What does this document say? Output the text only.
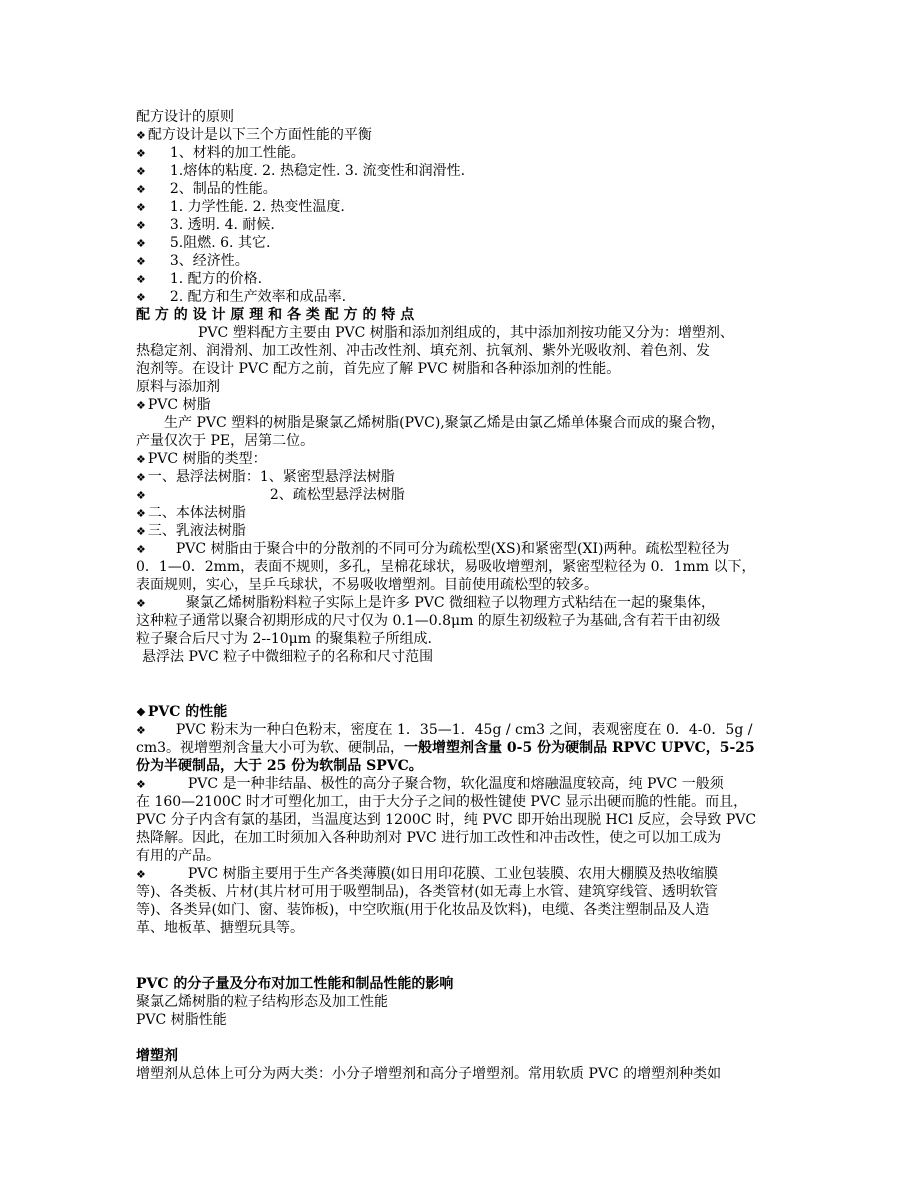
配方设计的原则
❖ 配方设计是以下三个方面性能的平衡
❖ 1、材料的加工性能。
❖ 1.熔体的粘度. 2. 热稳定性. 3. 流变性和润滑性.
❖ 2、制品的性能。
❖ 1. 力学性能. 2. 热变性温度.
❖ 3. 透明. 4. 耐候.
❖ 5.阻燃. 6. 其它.
❖ 3、经济性。
❖ 1. 配方的价格.
❖ 2. 配方和生产效率和成品率.
配 方 的 设 计 原 理 和 各 类 配 方 的 特 点
PVC 塑料配方主要由 PVC 树脂和添加剂组成的，其中添加剂按功能又分为：增塑剂、
热稳定剂、润滑剂、加工改性剂、冲击改性剂、填充剂、抗氧剂、紫外光吸收剂、着色剂、发
泡剂等。在设计 PVC 配方之前，首先应了解 PVC 树脂和各种添加剂的性能。
原料与添加剂
❖ PVC 树脂
生产 PVC 塑料的树脂是聚氯乙烯树脂(PVC),聚氯乙烯是由氯乙烯单体聚合而成的聚合物，
产量仅次于 PE，居第二位。
❖ PVC 树脂的类型：
❖ 一、悬浮法树脂：1、紧密型悬浮法树脂
❖	2、疏松型悬浮法树脂
❖ 二、本体法树脂
❖ 三、乳液法树脂
❖ PVC 树脂由于聚合中的分散剂的不同可分为疏松型(XS)和紧密型(XI)两种。疏松型粒径为
0．1—0．2mm，表面不规则，多孔，呈棉花球状，易吸收增塑剂，紧密型粒径为 0．1mm 以下，
表面规则，实心，呈乒乓球状，不易吸收增塑剂。目前使用疏松型的较多。
❖	聚氯乙烯树脂粉料粒子实际上是许多 PVC 微细粒子以物理方式粘结在一起的聚集体，
这种粒子通常以聚合初期形成的尺寸仅为 0.1—0.8μm 的原生初级粒子为基础,含有若干由初级
粒子聚合后尺寸为 2--10μm 的聚集粒子所组成.
悬浮法 PVC 粒子中微细粒子的名称和尺寸范围
❖ PVC 的性能
❖ PVC 粉末为一种白色粉末，密度在 1．35—1．45g / cm3 之间，表观密度在 0．4-0．5g /
cm3。视增塑剂含量大小可为软、硬制品，一般增塑剂含量 0-5 份为硬制品 RPVC UPVC，5-25
份为半硬制品，大于 25 份为软制品 SPVC。
❖	PVC 是一种非结晶、极性的高分子聚合物，软化温度和熔融温度较高，纯 PVC 一般须
在 160—2100C 时才可塑化加工，由于大分子之间的极性键使 PVC 显示出硬而脆的性能。而且，
PVC 分子内含有氯的基团，当温度达到 1200C 时，纯 PVC 即开始出现脱 HCl 反应，会导致 PVC
热降解。因此，在加工时须加入各种助剂对 PVC 进行加工改性和冲击改性，使之可以加工成为
有用的产品。
❖	PVC 树脂主要用于生产各类薄膜(如日用印花膜、工业包装膜、农用大棚膜及热收缩膜
等)、各类板、片材(其片材可用于吸塑制品)，各类管材(如无毒上水管、建筑穿线管、透明软管
等)、各类异(如门、窗、装饰板)，中空吹瓶(用于化妆品及饮料)，电缆、各类注塑制品及人造
革、地板革、搪塑玩具等。
PVC 的分子量及分布对加工性能和制品性能的影响
聚氯乙烯树脂的粒子结构形态及加工性能
PVC 树脂性能
增塑剂
增塑剂从总体上可分为两大类：小分子增塑剂和高分子增塑剂。常用软质 PVC 的增塑剂种类如
